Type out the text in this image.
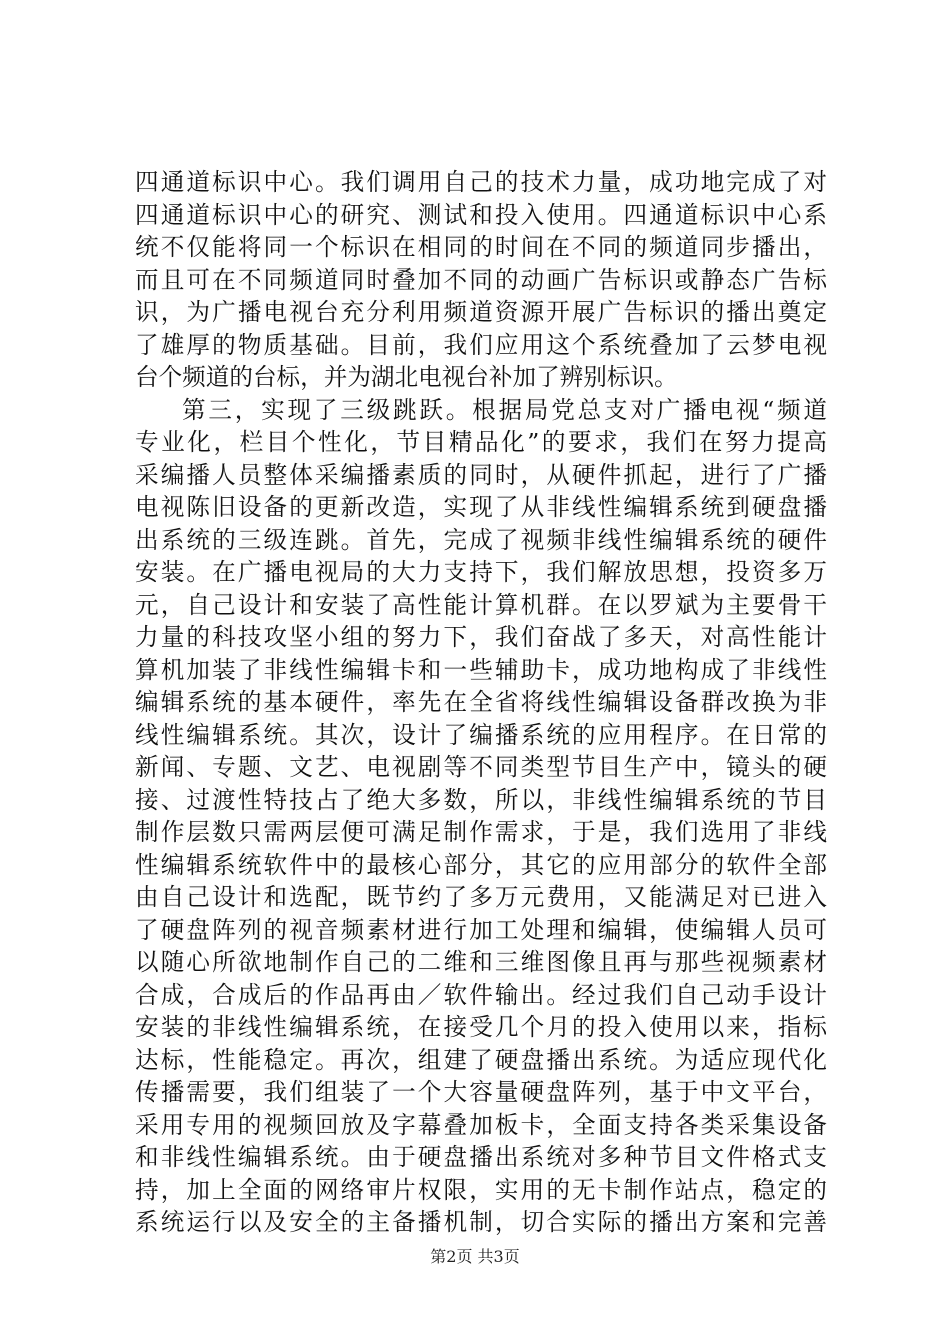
四通道标识中心。我们调用自己的技术力量，成功地完成了对
四通道标识中心的研究、测试和投入使用。四通道标识中心系
统不仅能将同一个标识在相同的时间在不同的频道同步播出，
而且可在不同频道同时叠加不同的动画广告标识或静态广告标
识，为广播电视台充分利用频道资源开展广告标识的播出奠定
了雄厚的物质基础。目前，我们应用这个系统叠加了云梦电视
台个频道的台标，并为湖北电视台补加了辨别标识。
第三，实现了三级跳跃。根据局党总支对广播电视“频道
专业化，栏目个性化，节目精品化”的要求，我们在努力提高
采编播人员整体采编播素质的同时，从硬件抓起，进行了广播
电视陈旧设备的更新改造，实现了从非线性编辑系统到硬盘播
出系统的三级连跳。首先，完成了视频非线性编辑系统的硬件
安装。在广播电视局的大力支持下，我们解放思想，投资多万
元，自己设计和安装了高性能计算机群。在以罗斌为主要骨干
力量的科技攻坚小组的努力下，我们奋战了多天，对高性能计
算机加装了非线性编辑卡和一些辅助卡，成功地构成了非线性
编辑系统的基本硬件，率先在全省将线性编辑设备群改换为非
线性编辑系统。其次，设计了编播系统的应用程序。在日常的
新闻、专题、文艺、电视剧等不同类型节目生产中，镜头的硬
接、过渡性特技占了绝大多数，所以，非线性编辑系统的节目
制作层数只需两层便可满足制作需求，于是，我们选用了非线
性编辑系统软件中的最核心部分，其它的应用部分的软件全部
由自己设计和选配，既节约了多万元费用，又能满足对已进入
了硬盘阵列的视音频素材进行加工处理和编辑，使编辑人员可
以随心所欲地制作自己的二维和三维图像且再与那些视频素材
合成，合成后的作品再由／软件输出。经过我们自己动手设计
安装的非线性编辑系统，在接受几个月的投入使用以来，指标
达标，性能稳定。再次，组建了硬盘播出系统。为适应现代化
传播需要，我们组装了一个大容量硬盘阵列，基于中文平台，
采用专用的视频回放及字幕叠加板卡，全面支持各类采集设备
和非线性编辑系统。由于硬盘播出系统对多种节目文件格式支
持，加上全面的网络审片权限，实用的无卡制作站点，稳定的
系统运行以及安全的主备播机制，切合实际的播出方案和完善
第2页 共3页
